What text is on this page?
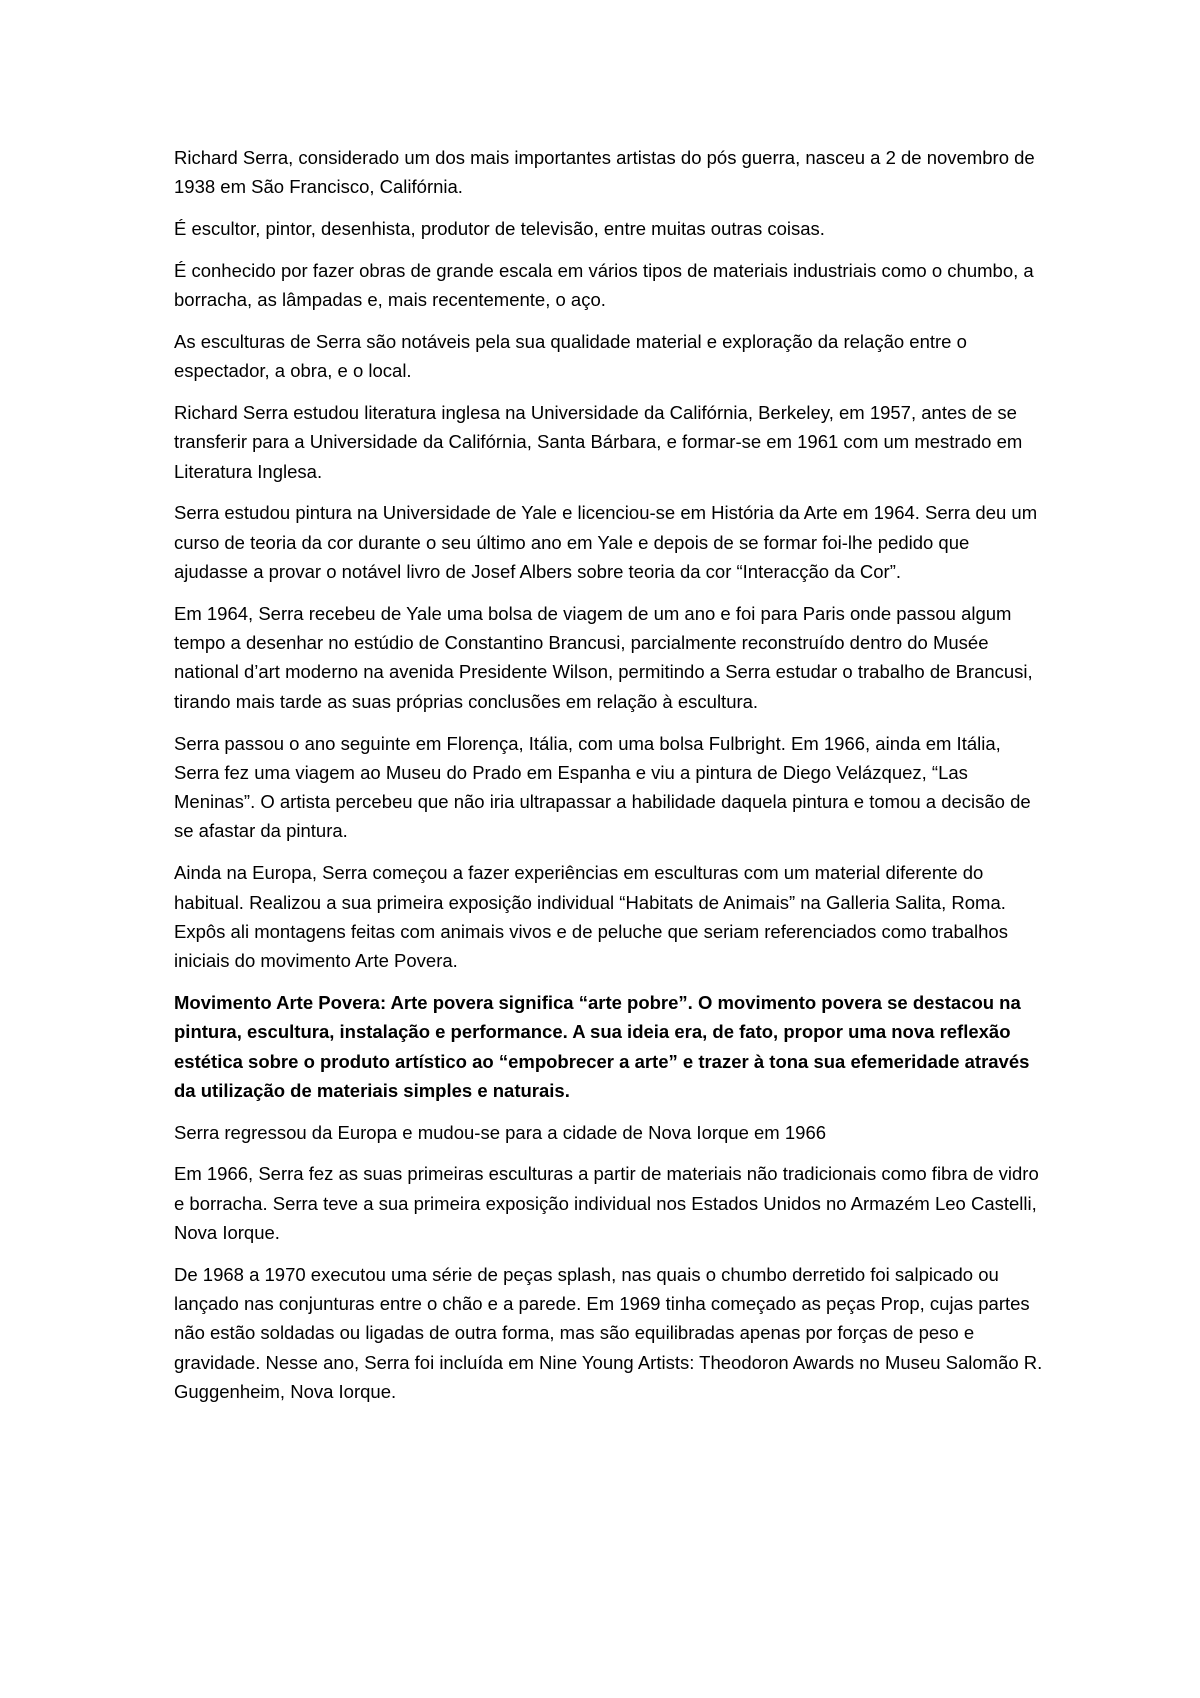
Richard Serra, considerado um dos mais importantes artistas do pós guerra, nasceu a 2 de novembro de 1938 em São Francisco, Califórnia.

É escultor, pintor, desenhista, produtor de televisão, entre muitas outras coisas.

É conhecido por fazer obras de grande escala em vários tipos de materiais industriais como o chumbo, a borracha, as lâmpadas e, mais recentemente, o aço.

As esculturas de Serra são notáveis pela sua qualidade material e exploração da relação entre o espectador, a obra, e o local.

Richard Serra estudou literatura inglesa na Universidade da Califórnia, Berkeley, em 1957, antes de se transferir para a Universidade da Califórnia, Santa Bárbara, e formar-se em 1961 com um mestrado em Literatura Inglesa.

Serra estudou pintura na Universidade de Yale e licenciou-se em História da Arte em 1964. Serra deu um curso de teoria da cor durante o seu último ano em Yale e depois de se formar foi-lhe pedido que ajudasse a provar o notável livro de Josef Albers sobre teoria da cor “Interacção da Cor”.

Em 1964, Serra recebeu de Yale uma bolsa de viagem de um ano e foi para Paris onde passou algum tempo a desenhar no estúdio de Constantino Brancusi, parcialmente reconstruído dentro do Musée national d’art moderno na avenida Presidente Wilson, permitindo a Serra estudar o trabalho de Brancusi, tirando mais tarde as suas próprias conclusões em relação à escultura.

Serra passou o ano seguinte em Florença, Itália, com uma bolsa Fulbright. Em 1966, ainda em Itália, Serra fez uma viagem ao Museu do Prado em Espanha e viu a pintura de Diego Velázquez, “Las Meninas”. O artista percebeu que não iria ultrapassar a habilidade daquela pintura e tomou a decisão de se afastar da pintura.

Ainda na Europa, Serra começou a fazer experiências em esculturas com um material diferente do habitual. Realizou a sua primeira exposição individual “Habitats de Animais” na Galleria Salita, Roma. Expôs ali montagens feitas com animais vivos e de peluche que seriam referenciados como trabalhos iniciais do movimento Arte Povera.

Movimento Arte Povera: Arte povera significa “arte pobre”. O movimento povera se destacou na pintura, escultura, instalação e performance. A sua ideia era, de fato, propor uma nova reflexão estética sobre o produto artístico ao “empobrecer a arte” e trazer à tona sua efemeridade através da utilização de materiais simples e naturais.

Serra regressou da Europa e mudou-se para a cidade de Nova Iorque em 1966

Em 1966, Serra fez as suas primeiras esculturas a partir de materiais não tradicionais como fibra de vidro e borracha. Serra teve a sua primeira exposição individual nos Estados Unidos no Armazém Leo Castelli, Nova Iorque.

De 1968 a 1970 executou uma série de peças splash, nas quais o chumbo derretido foi salpicado ou lançado nas conjunturas entre o chão e a parede. Em 1969 tinha começado as peças Prop, cujas partes não estão soldadas ou ligadas de outra forma, mas são equilibradas apenas por forças de peso e gravidade. Nesse ano, Serra foi incluída em Nine Young Artists: Theodoron Awards no Museu Salomão R. Guggenheim, Nova Iorque.
